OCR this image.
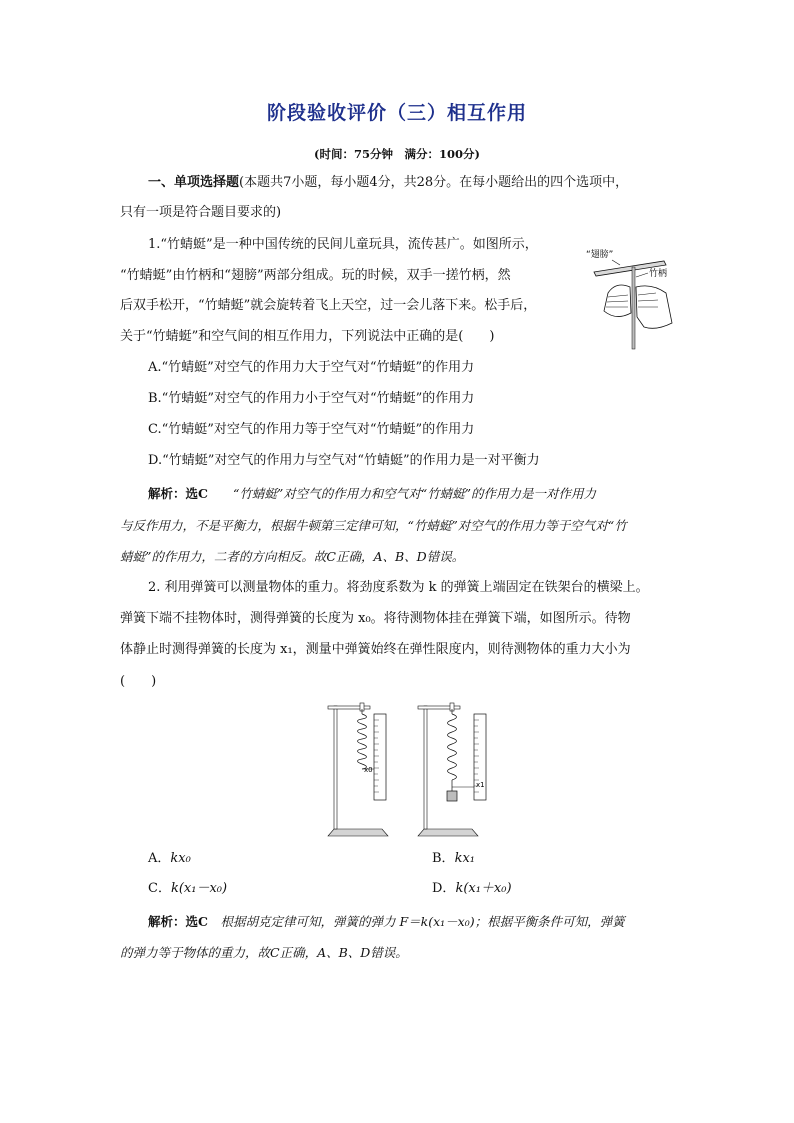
阶段验收评价（三）相互作用
(时间：75分钟　满分：100分)
一、单项选择题(本题共7小题，每小题4分，共28分。在每小题给出的四个选项中，
只有一项是符合题目要求的)
1.“竹蜻蜓”是一种中国传统的民间儿童玩具，流传甚广。如图所示，
“竹蜻蜓”由竹柄和“翅膀”两部分组成。玩的时候，双手一搓竹柄，然
后双手松开，“竹蜻蜓”就会旋转着飞上天空，过一会儿落下来。松手后，
关于“竹蜻蜓”和空气间的相互作用力，下列说法中正确的是(　　)
“翅膀”
竹柄
A.“竹蜻蜓”对空气的作用力大于空气对“竹蜻蜓”的作用力
B.“竹蜻蜓”对空气的作用力小于空气对“竹蜻蜓”的作用力
C.“竹蜻蜓”对空气的作用力等于空气对“竹蜻蜓”的作用力
D.“竹蜻蜓”对空气的作用力与空气对“竹蜻蜓”的作用力是一对平衡力
解析：选C　　 “竹蜻蜓”对空气的作用力和空气对“竹蜻蜓”的作用力是一对作用力
与反作用力，不是平衡力，根据牛顿第三定律可知，“竹蜻蜓”对空气的作用力等于空气对“竹
蜻蜓”的作用力，二者的方向相反。故C正确，A、B、D错误。
2. 利用弹簧可以测量物体的重力。将劲度系数为 k 的弹簧上端固定在铁架台的横梁上。
弹簧下端不挂物体时，测得弹簧的长度为 x₀。将待测物体挂在弹簧下端，如图所示。待物
体静止时测得弹簧的长度为 x₁，测量中弹簧始终在弹性限度内，则待测物体的重力大小为
(　　)
x0
x1
A．kx₀	B．kx₁
C．k(x₁－x₀)	D．k(x₁＋x₀)
解析：选C　 根据胡克定律可知，弹簧的弹力 F＝k(x₁－x₀)；根据平衡条件可知，弹簧
的弹力等于物体的重力，故C正确，A、B、D错误。
